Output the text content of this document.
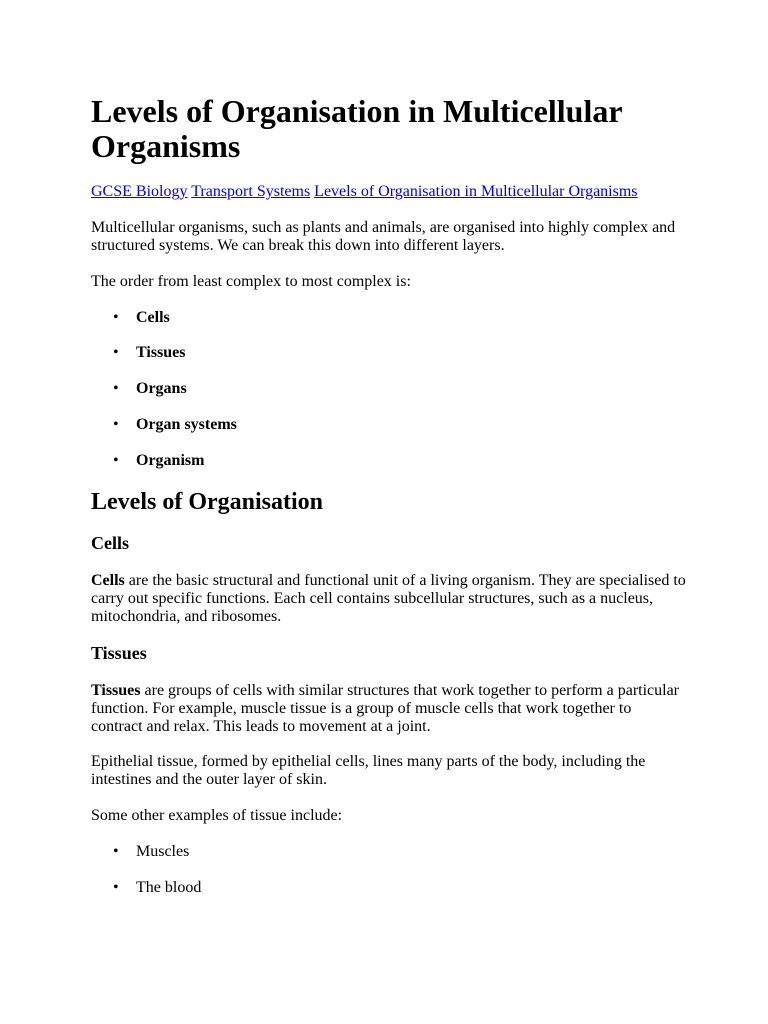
Levels of Organisation in Multicellular Organisms
GCSE Biology Transport Systems Levels of Organisation in Multicellular Organisms

Multicellular organisms, such as plants and animals, are organised into highly complex and structured systems. We can break this down into different layers.

The order from least complex to most complex is:

• Cells
• Tissues
• Organs
• Organ systems
• Organism
Levels of Organisation
Cells

Cells are the basic structural and functional unit of a living organism. They are specialised to carry out specific functions. Each cell contains subcellular structures, such as a nucleus, mitochondria, and ribosomes.

Tissues

Tissues are groups of cells with similar structures that work together to perform a particular function. For example, muscle tissue is a group of muscle cells that work together to contract and relax. This leads to movement at a joint.

Epithelial tissue, formed by epithelial cells, lines many parts of the body, including the intestines and the outer layer of skin.

Some other examples of tissue include:

• Muscles
• The blood
